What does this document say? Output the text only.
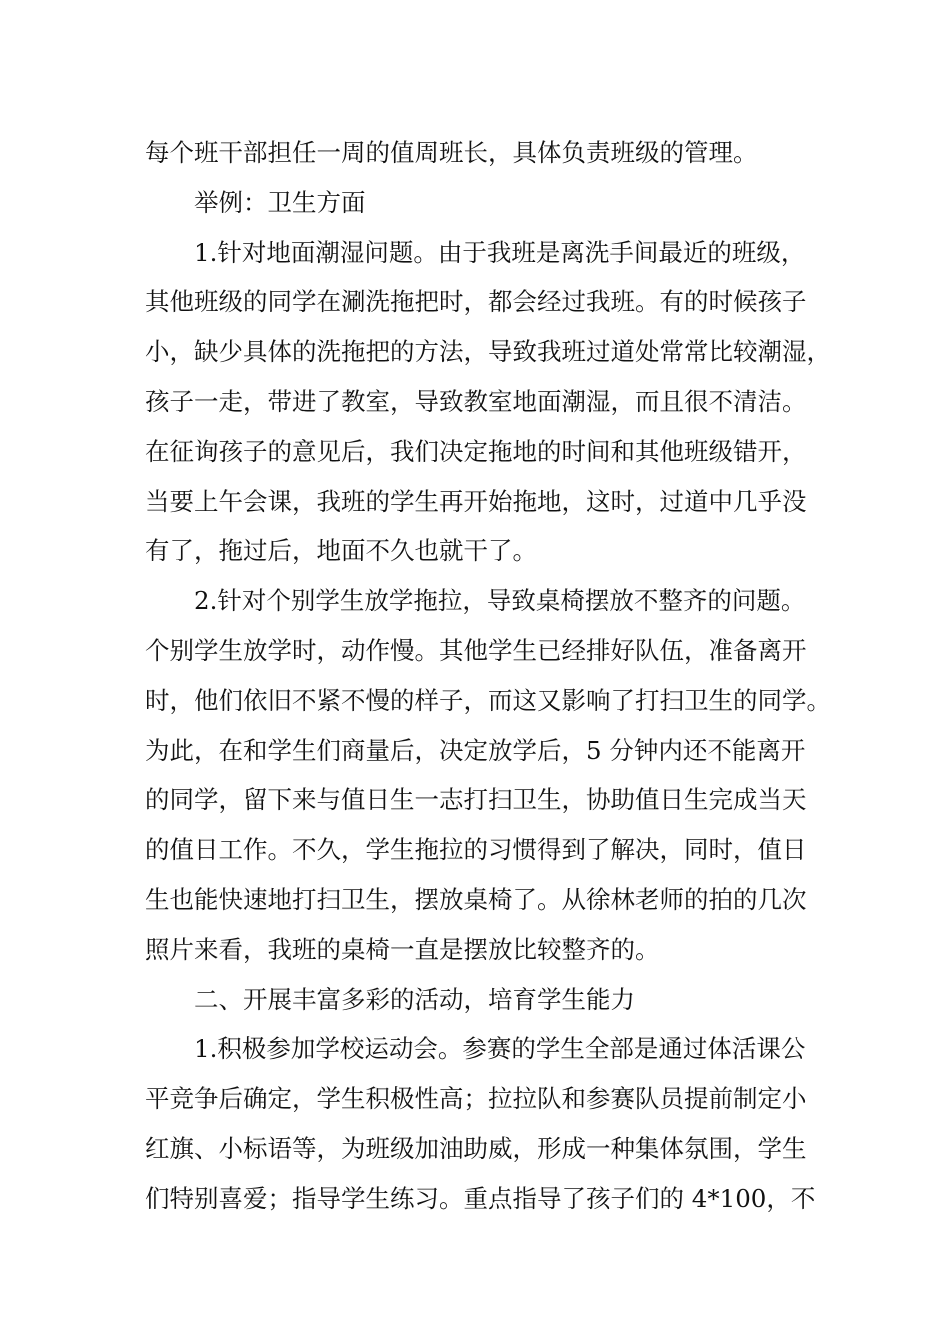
每个班干部担任一周的值周班长，具体负责班级的管理。
举例：卫生方面
1.针对地面潮湿问题。由于我班是离洗手间最近的班级，
其他班级的同学在涮洗拖把时，都会经过我班。有的时候孩子
小，缺少具体的洗拖把的方法，导致我班过道处常常比较潮湿，
孩子一走，带进了教室，导致教室地面潮湿，而且很不清洁。
在征询孩子的意见后，我们决定拖地的时间和其他班级错开，
当要上午会课，我班的学生再开始拖地，这时，过道中几乎没
有了，拖过后，地面不久也就干了。
2.针对个别学生放学拖拉，导致桌椅摆放不整齐的问题。
个别学生放学时，动作慢。其他学生已经排好队伍，准备离开
时，他们依旧不紧不慢的样子，而这又影响了打扫卫生的同学。
为此，在和学生们商量后，决定放学后，5 分钟内还不能离开
的同学，留下来与值日生一志打扫卫生，协助值日生完成当天
的值日工作。不久，学生拖拉的习惯得到了解决，同时，值日
生也能快速地打扫卫生，摆放桌椅了。从徐林老师的拍的几次
照片来看，我班的桌椅一直是摆放比较整齐的。
二、开展丰富多彩的活动，培育学生能力
1.积极参加学校运动会。参赛的学生全部是通过体活课公
平竞争后确定，学生积极性高；拉拉队和参赛队员提前制定小
红旗、小标语等，为班级加油助威，形成一种集体氛围，学生
们特别喜爱；指导学生练习。重点指导了孩子们的 4*100，不
